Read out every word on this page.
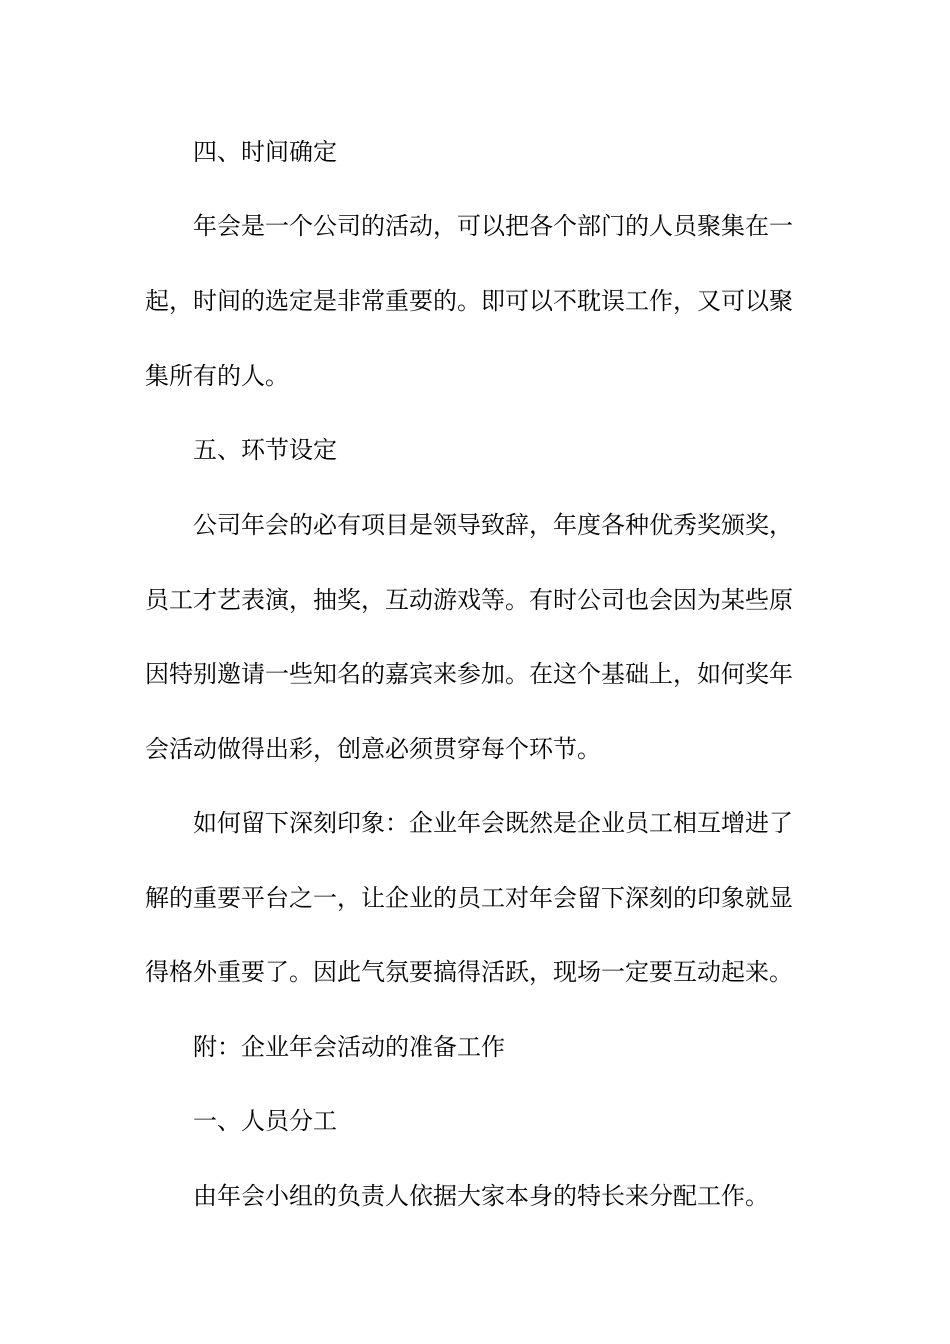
四、时间确定
年会是一个公司的活动，可以把各个部门的人员聚集在一
起，时间的选定是非常重要的。即可以不耽误工作，又可以聚
集所有的人。
五、环节设定
公司年会的必有项目是领导致辞，年度各种优秀奖颁奖，
员工才艺表演，抽奖，互动游戏等。有时公司也会因为某些原
因特别邀请一些知名的嘉宾来参加。在这个基础上，如何奖年
会活动做得出彩，创意必须贯穿每个环节。
如何留下深刻印象：企业年会既然是企业员工相互增进了
解的重要平台之一，让企业的员工对年会留下深刻的印象就显
得格外重要了。因此气氛要搞得活跃，现场一定要互动起来。
附：企业年会活动的准备工作
一、人员分工
由年会小组的负责人依据大家本身的特长来分配工作。
